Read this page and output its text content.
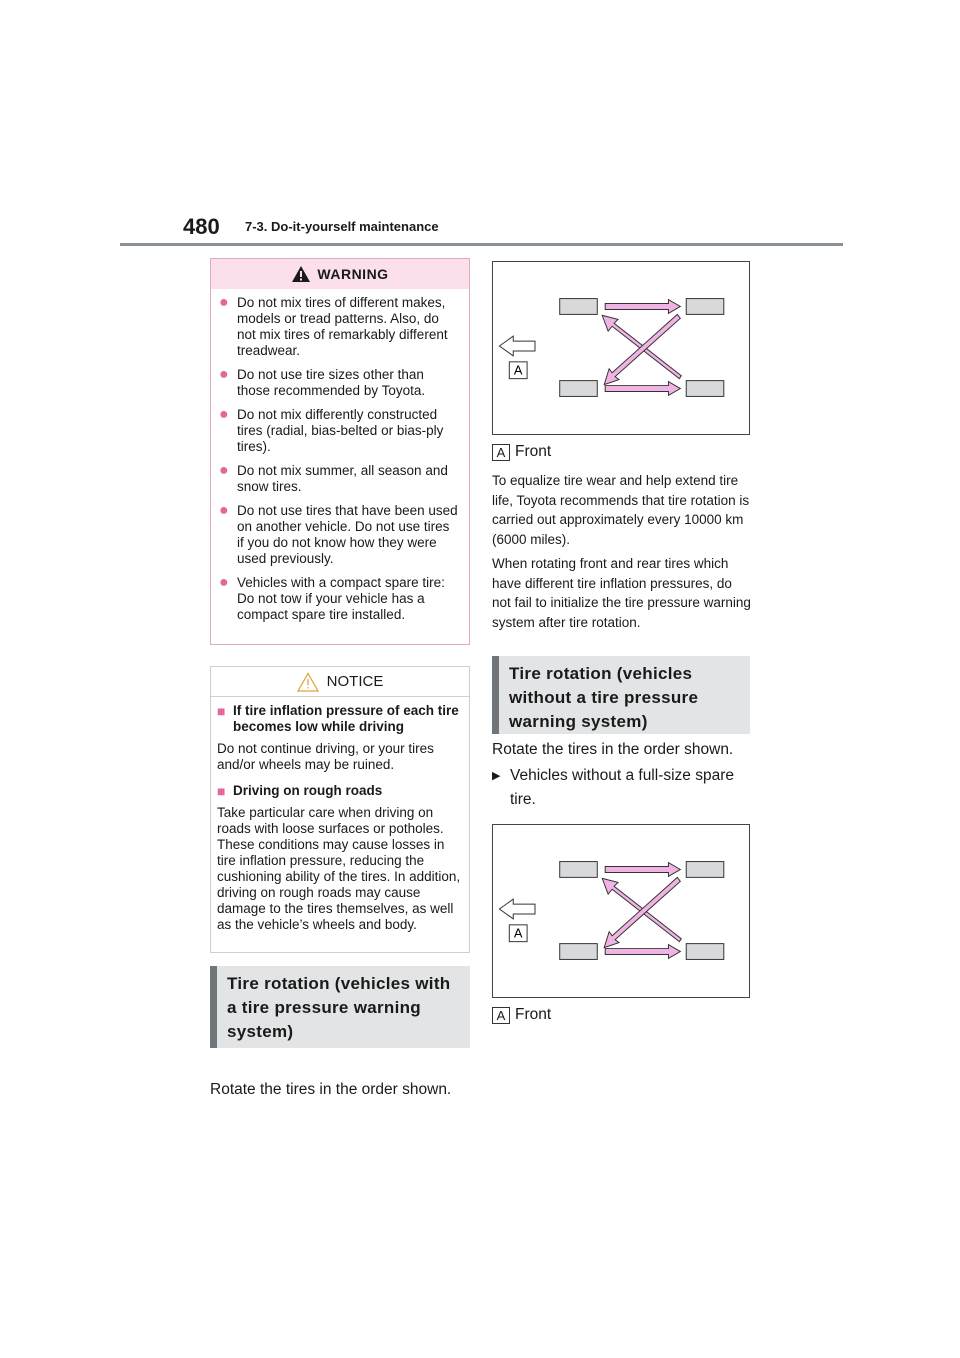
480 7-3. Do-it-yourself maintenance
WARNING
● Do not mix tires of different makes, models or tread patterns. Also, do not mix tires of remarkably different treadwear.
● Do not use tire sizes other than those recommended by Toyota.
● Do not mix differently constructed tires (radial, bias-belted or bias-ply tires).
● Do not mix summer, all season and snow tires.
● Do not use tires that have been used on another vehicle. Do not use tires if you do not know how they were used previously.
● Vehicles with a compact spare tire: Do not tow if your vehicle has a compact spare tire installed.
NOTICE
■ If tire inflation pressure of each tire becomes low while driving
Do not continue driving, or your tires and/or wheels may be ruined.
■ Driving on rough roads
Take particular care when driving on roads with loose surfaces or potholes. These conditions may cause losses in tire inflation pressure, reducing the cushioning ability of the tires. In addition, driving on rough roads may cause damage to the tires themselves, as well as the vehicle’s wheels and body.
Tire rotation (vehicles with a tire pressure warning system)
Rotate the tires in the order shown.
A
A Front
To equalize tire wear and help extend tire life, Toyota recommends that tire rotation is carried out approximately every 10000 km (6000 miles).
When rotating front and rear tires which have different tire inflation pressures, do not fail to initialize the tire pressure warning system after tire rotation.
Tire rotation (vehicles without a tire pressure warning system)
Rotate the tires in the order shown.
▶ Vehicles without a full-size spare tire.
A
A Front
